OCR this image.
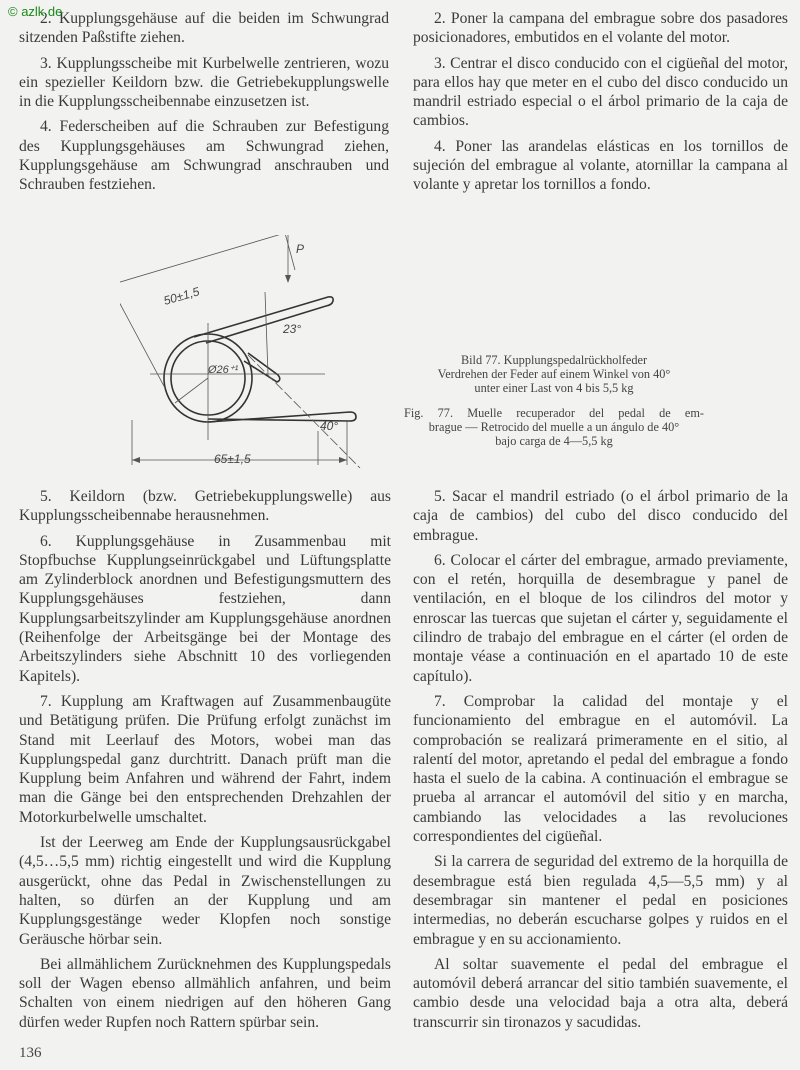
© azlk.de

2. Kupplungsgehäuse auf die beiden im Schwungrad sitzenden Paßstifte ziehen.

3. Kupplungsscheibe mit Kurbelwelle zentrieren, wozu ein spezieller Keildorn bzw. die Getriebekupplungswelle in die Kupplungsscheibennabe einzusetzen ist.

4. Federscheiben auf die Schrauben zur Befestigung des Kupplungsgehäuses am Schwungrad ziehen, Kupplungsgehäuse am Schwungrad anschrauben und Schrauben festziehen.

2. Poner la campana del embrague sobre dos pasadores posicionadores, embutidos en el volante del motor.

3. Centrar el disco conducido con el cigüeñal del motor, para ellos hay que meter en el cubo del disco conducido un mandril estriado especial o el árbol primario de la caja de cambios.

4. Poner las arandelas elásticas en los tornillos de sujeción del embrague al volante, atornillar la campana al volante y apretar los tornillos a fondo.

P
50±1,5
23°
Ø26⁺¹
40°
65±1,5
Bild 77. Kupplungspedalrückholfeder
Verdrehen der Feder auf einem Winkel von 40°
unter einer Last von 4 bis 5,5 kg
Fig. 77. Muelle recuperador del pedal de em-
brague — Retrocido del muelle a un ángulo de 40°
bajo carga de 4—5,5 kg

5. Keildorn (bzw. Getriebekupplungswelle) aus Kupplungsscheibennabe herausnehmen.

6. Kupplungsgehäuse in Zusammenbau mit Stopfbuchse Kupplungseinrückgabel und Lüftungsplatte am Zylinderblock anordnen und Befestigungsmuttern des Kupplungsgehäuses festziehen, dann Kupplungsarbeitszylinder am Kupplungsgehäuse anordnen (Reihenfolge der Arbeitsgänge bei der Montage des Arbeitszylinders siehe Abschnitt 10 des vorliegenden Kapitels).

7. Kupplung am Kraftwagen auf Zusammenbaugüte und Betätigung prüfen. Die Prüfung erfolgt zunächst im Stand mit Leerlauf des Motors, wobei man das Kupplungspedal ganz durchtritt. Danach prüft man die Kupplung beim Anfahren und während der Fahrt, indem man die Gänge bei den entsprechenden Drehzahlen der Motorkurbelwelle umschaltet.

Ist der Leerweg am Ende der Kupplungsausrückgabel (4,5…5,5 mm) richtig eingestellt und wird die Kupplung ausgerückt, ohne das Pedal in Zwischenstellungen zu halten, so dürfen an der Kupplung und am Kupplungsgestänge weder Klopfen noch sonstige Geräusche hörbar sein.

Bei allmählichem Zurücknehmen des Kupplungspedals soll der Wagen ebenso allmählich anfahren, und beim Schalten von einem niedrigen auf den höheren Gang dürfen weder Rupfen noch Rattern spürbar sein.

5. Sacar el mandril estriado (o el árbol primario de la caja de cambios) del cubo del disco conducido del embrague.

6. Colocar el cárter del embrague, armado previamente, con el retén, horquilla de desembrague y panel de ventilación, en el bloque de los cilindros del motor y enroscar las tuercas que sujetan el cárter y, seguidamente el cilindro de trabajo del embrague en el cárter (el orden de montaje véase a continuación en el apartado 10 de este capítulo).

7. Comprobar la calidad del montaje y el funcionamiento del embrague en el automóvil. La comprobación se realizará primeramente en el sitio, al ralentí del motor, apretando el pedal del embrague a fondo hasta el suelo de la cabina. A continuación el embrague se prueba al arrancar el automóvil del sitio y en marcha, cambiando las velocidades a las revoluciones correspondientes del cigüeñal.

Si la carrera de seguridad del extremo de la horquilla de desembrague está bien regulada 4,5—5,5 mm) y al desembragar sin mantener el pedal en posiciones intermedias, no deberán escucharse golpes y ruidos en el embrague y en su accionamiento.

Al soltar suavemente el pedal del embrague el automóvil deberá arrancar del sitio también suavemente, el cambio desde una velocidad baja a otra alta, deberá transcurrir sin tironazos y sacudidas.

136
